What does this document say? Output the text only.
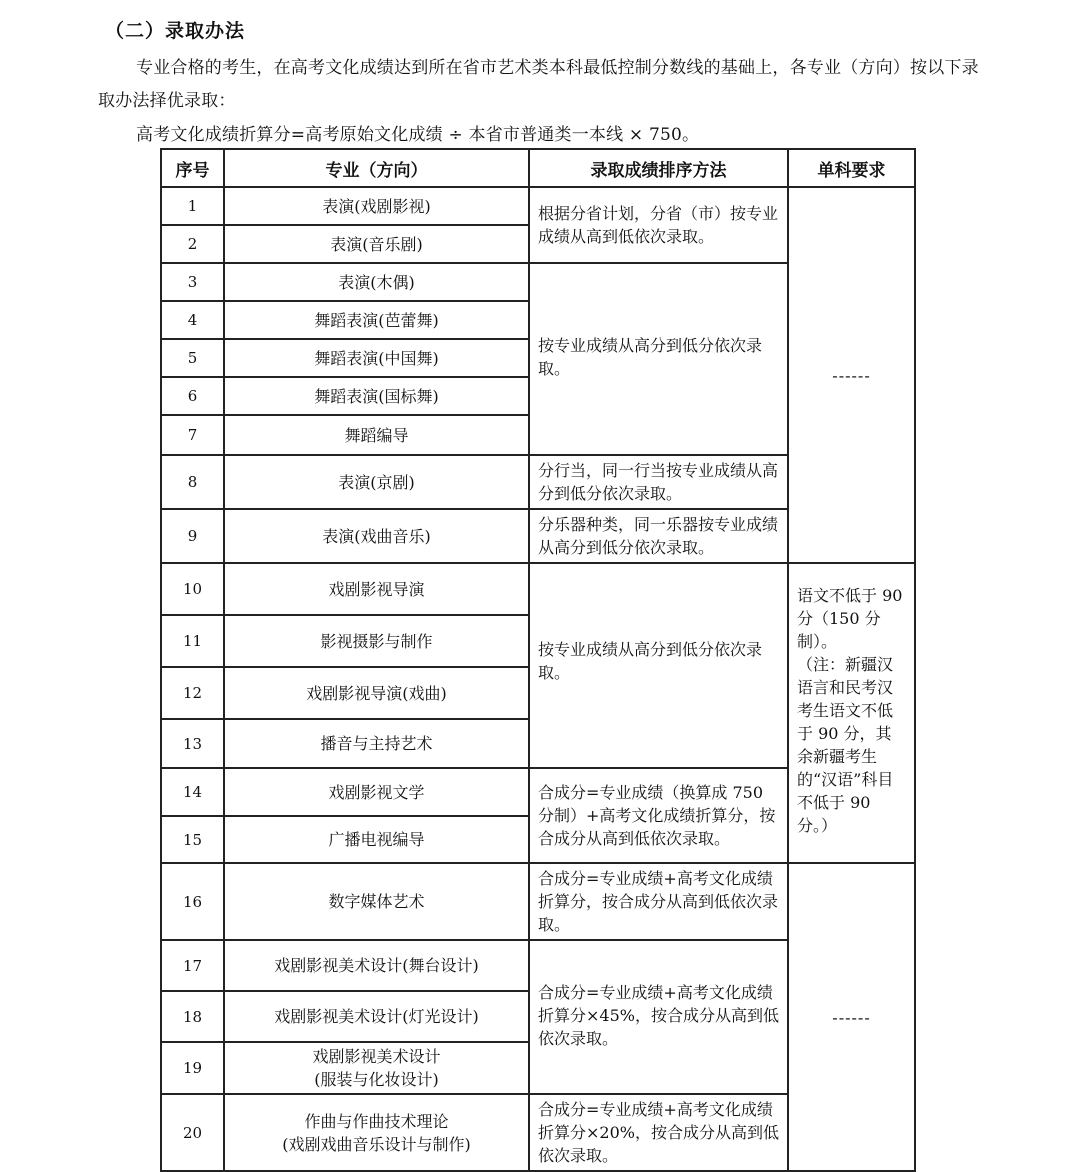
（二）录取办法
专业合格的考生，在高考文化成绩达到所在省市艺术类本科最低控制分数线的基础上，各专业（方向）按以下录取办法择优录取：
高考文化成绩折算分=高考原始文化成绩 ÷ 本省市普通类一本线 × 750。
序号	专业（方向）	录取成绩排序方法	单科要求
1	表演(戏剧影视)	根据分省计划，分省（市）按专业成绩从高到低依次录取。	------
2	表演(音乐剧)		
3	表演(木偶)	按专业成绩从高分到低分依次录取。	
4	舞蹈表演(芭蕾舞)		
5	舞蹈表演(中国舞)		
6	舞蹈表演(国标舞)		
7	舞蹈编导		
8	表演(京剧)	分行当，同一行当按专业成绩从高分到低分依次录取。	
9	表演(戏曲音乐)	分乐器种类，同一乐器按专业成绩从高分到低分依次录取。	
10	戏剧影视导演	按专业成绩从高分到低分依次录取。	语文不低于 90 分（150 分制）。
（注：新疆汉语言和民考汉考生语文不低于 90 分，其余新疆考生的“汉语”科目不低于 90 分。）
11	影视摄影与制作		
12	戏剧影视导演(戏曲)		
13	播音与主持艺术		
14	戏剧影视文学	合成分=专业成绩（换算成 750 分制）+高考文化成绩折算分，按合成分从高到低依次录取。	
15	广播电视编导		
16	数字媒体艺术	合成分=专业成绩+高考文化成绩折算分，按合成分从高到低依次录取。	------
17	戏剧影视美术设计(舞台设计)	合成分=专业成绩+高考文化成绩折算分×45%，按合成分从高到低依次录取。	
18	戏剧影视美术设计(灯光设计)		
19	戏剧影视美术设计
(服装与化妆设计)		
20	作曲与作曲技术理论
(戏剧戏曲音乐设计与制作)	合成分=专业成绩+高考文化成绩折算分×20%，按合成分从高到低依次录取。	
